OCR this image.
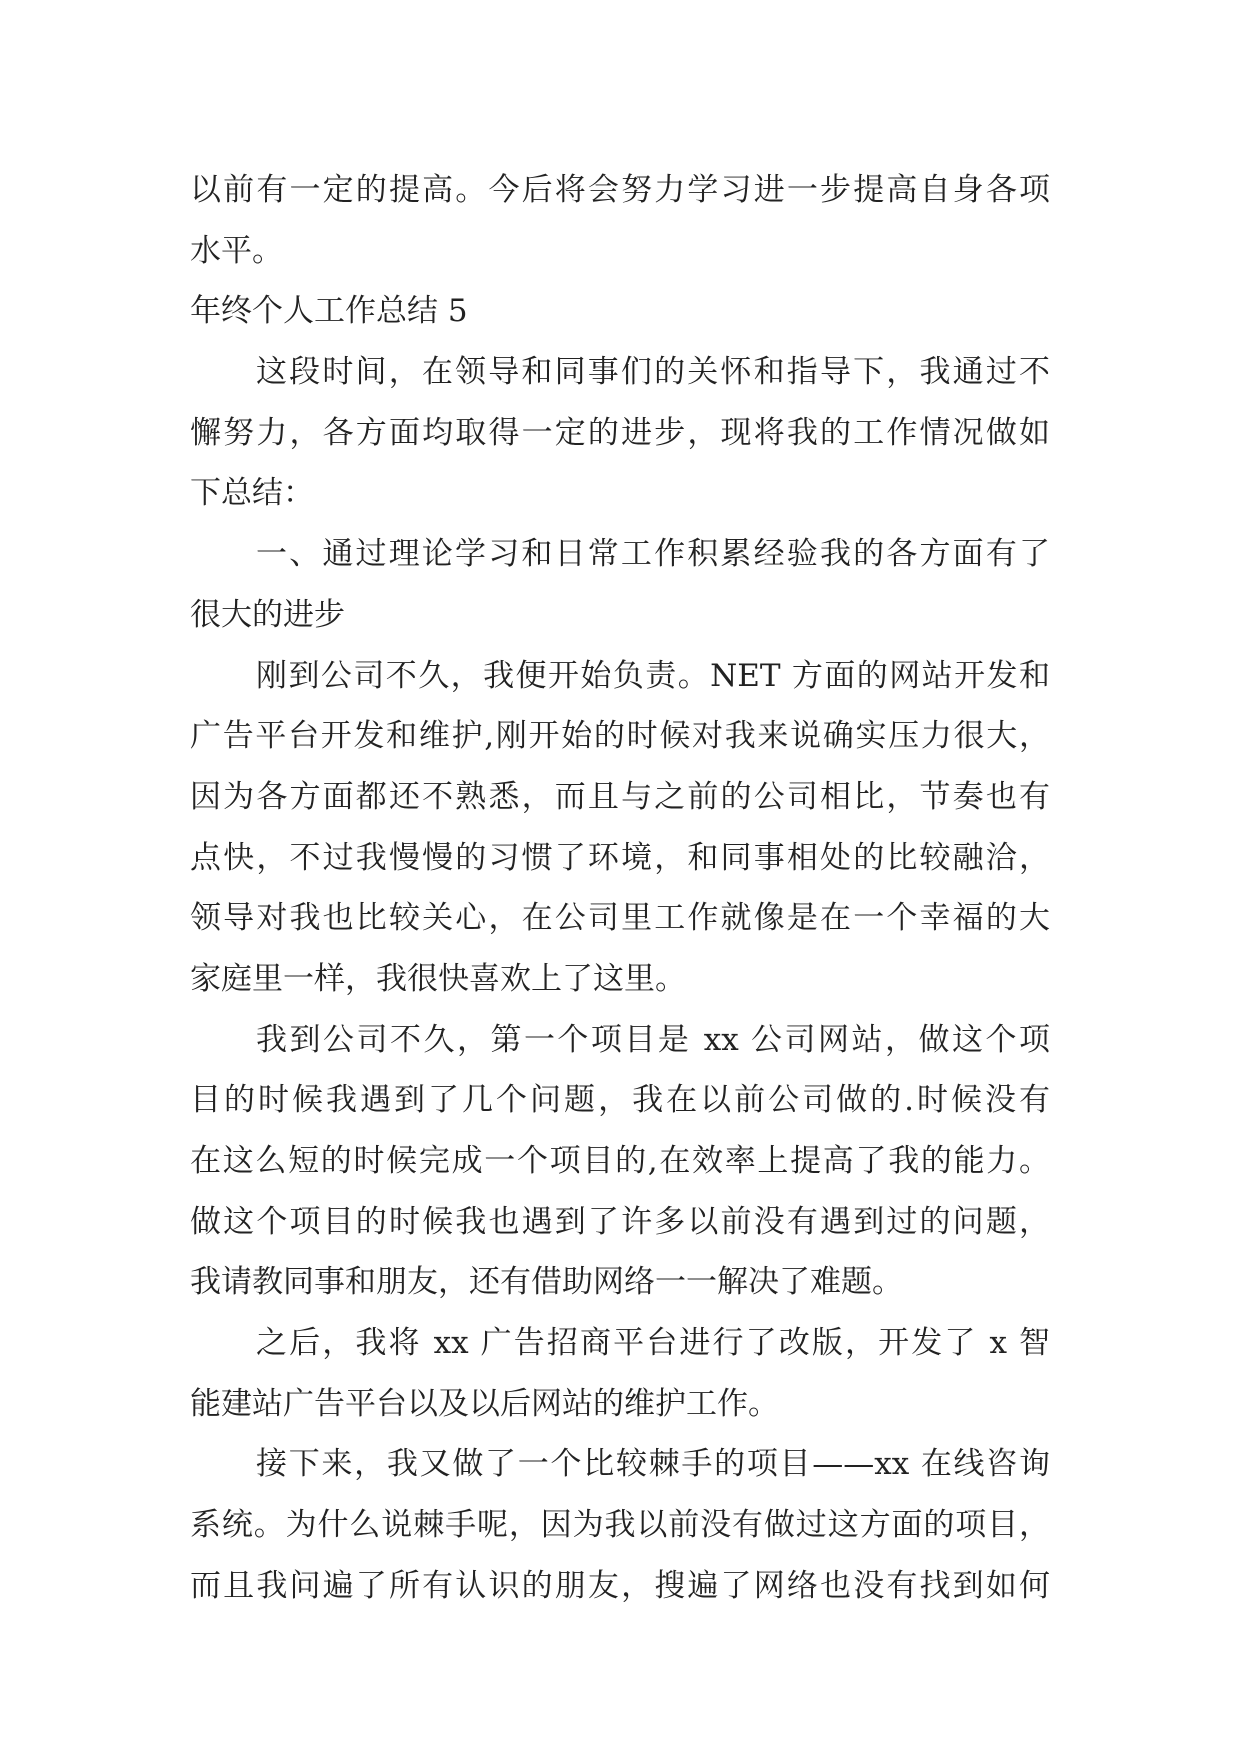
以前有一定的提高。今后将会努力学习进一步提高自身各项
水平。
年终个人工作总结 5
这段时间，在领导和同事们的关怀和指导下，我通过不
懈努力，各方面均取得一定的进步，现将我的工作情况做如
下总结：
一、通过理论学习和日常工作积累经验我的各方面有了
很大的进步
刚到公司不久，我便开始负责。NET 方面的网站开发和
广告平台开发和维护,刚开始的时候对我来说确实压力很大，
因为各方面都还不熟悉，而且与之前的公司相比，节奏也有
点快，不过我慢慢的习惯了环境，和同事相处的比较融洽，
领导对我也比较关心，在公司里工作就像是在一个幸福的大
家庭里一样，我很快喜欢上了这里。
我到公司不久，第一个项目是 xx 公司网站，做这个项
目的时候我遇到了几个问题，我在以前公司做的.时候没有
在这么短的时候完成一个项目的,在效率上提高了我的能力。
做这个项目的时候我也遇到了许多以前没有遇到过的问题，
我请教同事和朋友，还有借助网络一一解决了难题。
之后，我将 xx 广告招商平台进行了改版，开发了 x 智
能建站广告平台以及以后网站的维护工作。
接下来，我又做了一个比较棘手的项目——xx 在线咨询
系统。为什么说棘手呢，因为我以前没有做过这方面的项目，
而且我问遍了所有认识的朋友，搜遍了网络也没有找到如何
